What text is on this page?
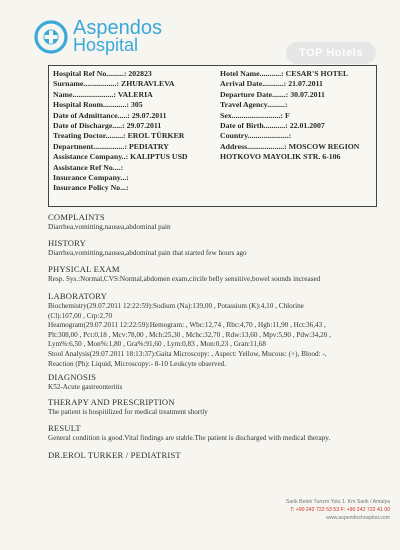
Aspendos
Hospital	TOP Hotels
Hospital Ref No.........: 202823
Surname.................: ZHURAVLEVA
Name.....................: VALERIA
Hospital Room............: 305
Date of Admittance.....: 29.07.2011
Date of Discharge.....: 29.07.2011
Treating Doctor.........: EROL TÜRKER
Department................: PEDIATRY
Assistance Company..: KALIPTUS USD
Assistance Ref No....:
Insurance Company...:
Insurance Policy No...:
Hotel Name...........: CESAR'S HOTEL
Arrival Date...........: 21.07.2011
Departure Date.......: 30.07.2011
Travel Agency.........:
Sex.........................: F
Date of Birth...........: 22.01.2007
Country.....................:
Address...................: MOSCOW REGION
HOTKOVO MAYOLIK STR. 6-106
COMPLAINTS
Diarrhea,vomitting,nausea,abdominal pain
HISTORY
Diarrhea,vomitting,nausea,abdominal pain that started few hours ago
PHYSICAL EXAM
Resp. Sys.:Normal,CVS:Normal,abdomen exam,circile belly sensitive,bowel sounds increased
LABORATORY
Biochemistry(29.07.2011 12:22:59):Sodium (Na):139,00 , Potassium (K):4,10 , Chlorine
(Cl):107,00 , Crp:2,70
Heamogram(29.07.2011 12:22:59):Hemogram: , Wbc:12,74 , Rbc:4,70 , Hgb:11,90 , Hct:36,43 ,
Plt:308,00 , Pct:0,18 , Mcv:78,00 , Mch:25,30 , Mchc:32,70 , Rdw:13,60 , Mpv:5,90 , Pdw:34,20 ,
Lym%:6,50 , Mon%:1,80 , Gra%:91,60 , Lym:0,83 , Mon:0,23 , Gran:11,68
Stool Analysis(29.07.2011 18:13:37):Gaita Microscopy: , Aspect: Yellow, Mucous: (+), Blood: -,
Reaction (Ph): Liquid, Microscopy:- 8-10 Leukcyte observed.
DIAGNOSIS
K52-Acute gastreonteritis
THERAPY AND PRESCRIPTION
The patient is hospitilized for medical treatment shortly
RESULT
General condition is good.Vital findings are stable.The patient is discharged with medical therapy.
DR.EROL TURKER / PEDIATRIST
Sarik Belek Turizm Yolu 1. Km Sarik / Antalya
T: +90 242 722 53 53 F: +90 242 722 41 00
www.aspendoshospital.com
